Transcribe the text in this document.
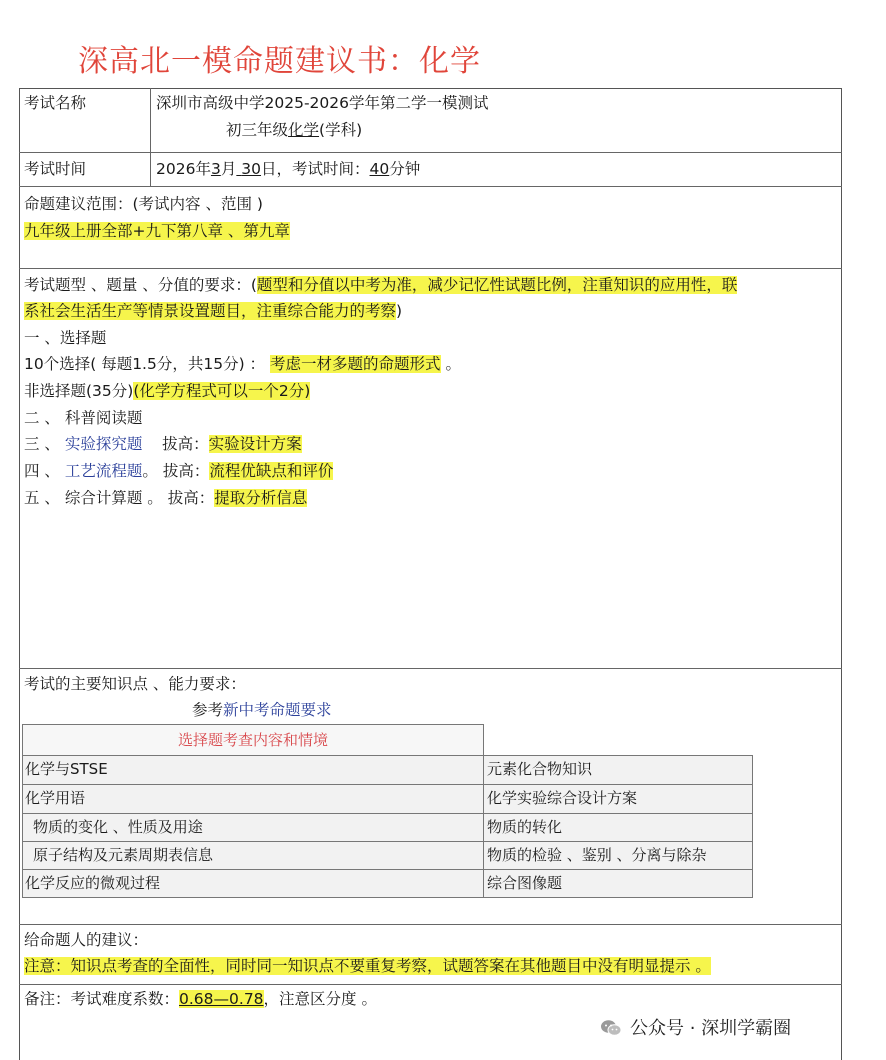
深高北一模命题建议书：化学
考试名称	深圳市高级中学2025-2026学年第二学一模测试
初三年级化学(学科)
考试时间	2026年3月 30日，考试时间：40分钟
命题建议范围：(考试内容 、范围 )
九年级上册全部+九下第八章 、第九章
考试题型 、题量 、分值的要求：(题型和分值以中考为准，减少记忆性试题比例，注重知识的应用性，联
系社会生活生产等情景设置题目，注重综合能力的考察)
一 、选择题
10个选择( 每题1.5分，共15分) ： 考虑一材多题的命题形式 。
非选择题(35分)(化学方程式可以一个2分)
二 、 科普阅读题
三 、 实验探究题 拔高：实验设计方案
四 、 工艺流程题。 拔高：流程优缺点和评价
五 、 综合计算题 。 拔高：提取分析信息
考试的主要知识点 、能力要求：
参考新中考命题要求
选择题考查内容和情境
化学与STSE	元素化合物知识
化学用语	化学实验综合设计方案
物质的变化 、性质及用途	物质的转化
原子结构及元素周期表信息	物质的检验 、鉴别 、分离与除杂
化学反应的微观过程	综合图像题
给命题人的建议：
注意：知识点考查的全面性，同时同一知识点不要重复考察，试题答案在其他题目中没有明显提示 。
备注：考试难度系数：0.68—0.78，注意区分度 。
公众号 · 深圳学霸圈
